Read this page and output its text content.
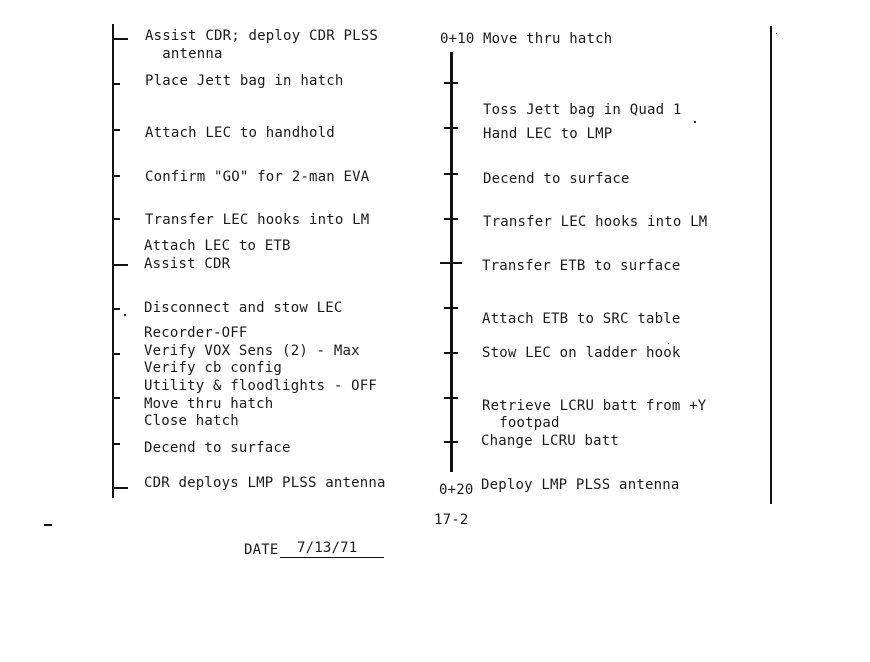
0+10
0+20
Assist CDR; deploy CDR PLSS
antenna
Place Jett bag in hatch
Attach LEC to handhold
Confirm "GO" for 2-man EVA
Transfer LEC hooks into LM
Attach LEC to ETB
Assist CDR
Disconnect and stow LEC
Recorder-OFF
Verify VOX Sens (2) - Max
Verify cb config
Utility & floodlights - OFF
Move thru hatch
Close hatch
Decend to surface
CDR deploys LMP PLSS antenna
Move thru hatch
Toss Jett bag in Quad 1
Hand LEC to LMP
Decend to surface
Transfer LEC hooks into LM
Transfer ETB to surface
Attach ETB to SRC table
Stow LEC on ladder hook
Retrieve LCRU batt from +Y
footpad
Change LCRU batt
Deploy LMP PLSS antenna
17-2
DATE 7/13/71
